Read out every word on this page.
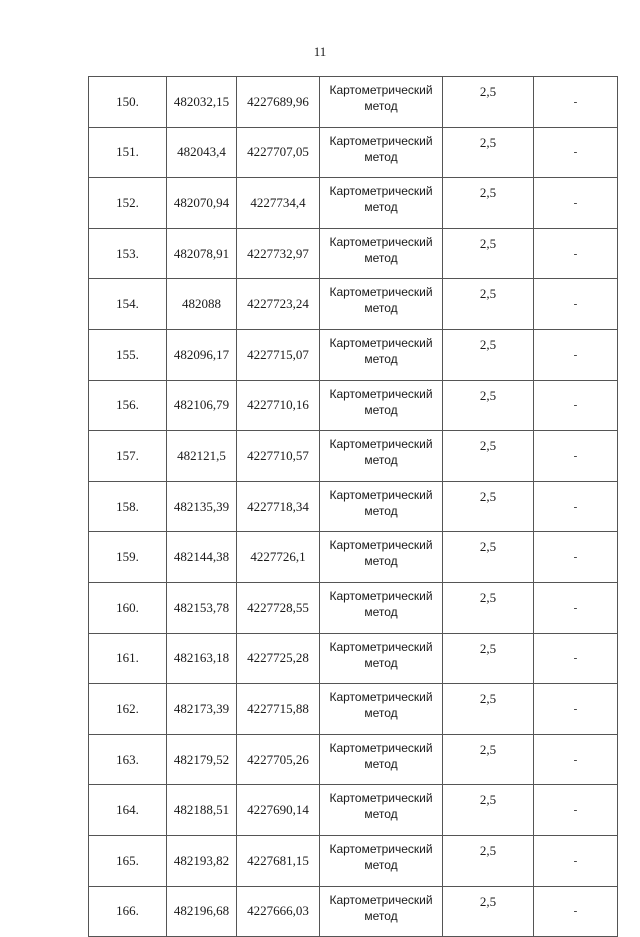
11
150.	482032,15	4227689,96	Картометрический метод	2,5	-
151.	482043,4	4227707,05	Картометрический метод	2,5	-
152.	482070,94	4227734,4	Картометрический метод	2,5	-
153.	482078,91	4227732,97	Картометрический метод	2,5	-
154.	482088	4227723,24	Картометрический метод	2,5	-
155.	482096,17	4227715,07	Картометрический метод	2,5	-
156.	482106,79	4227710,16	Картометрический метод	2,5	-
157.	482121,5	4227710,57	Картометрический метод	2,5	-
158.	482135,39	4227718,34	Картометрический метод	2,5	-
159.	482144,38	4227726,1	Картометрический метод	2,5	-
160.	482153,78	4227728,55	Картометрический метод	2,5	-
161.	482163,18	4227725,28	Картометрический метод	2,5	-
162.	482173,39	4227715,88	Картометрический метод	2,5	-
163.	482179,52	4227705,26	Картометрический метод	2,5	-
164.	482188,51	4227690,14	Картометрический метод	2,5	-
165.	482193,82	4227681,15	Картометрический метод	2,5	-
166.	482196,68	4227666,03	Картометрический метод	2,5	-
